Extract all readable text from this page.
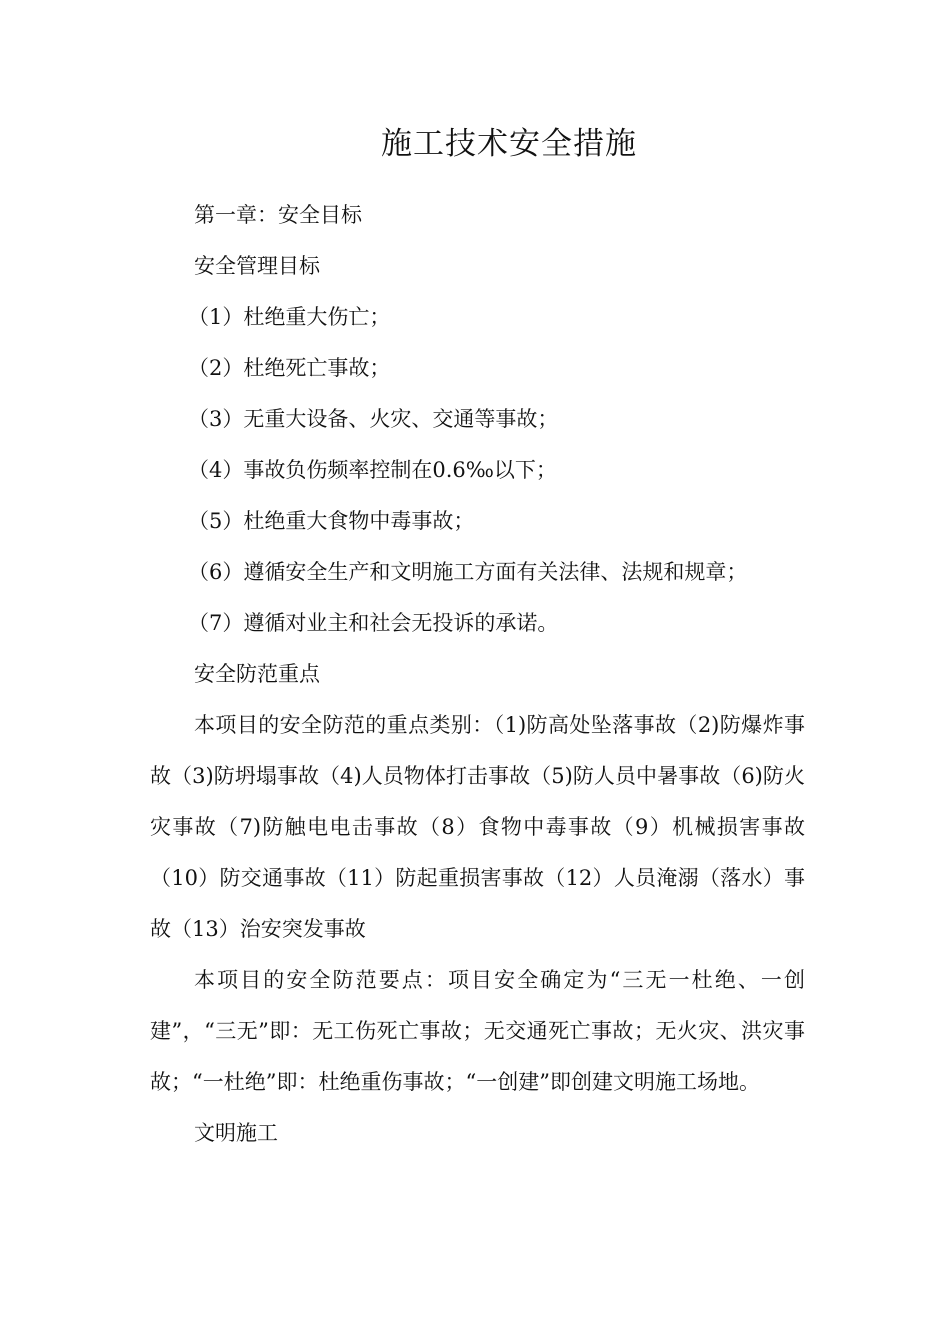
施工技术安全措施

第一章：安全目标

安全管理目标

（1）杜绝重大伤亡；

（2）杜绝死亡事故；

（3）无重大设备、火灾、交通等事故；

（4）事故负伤频率控制在0.6‰以下；

（5）杜绝重大食物中毒事故；

（6）遵循安全生产和文明施工方面有关法律、法规和规章；

（7）遵循对业主和社会无投诉的承诺。

安全防范重点

本项目的安全防范的重点类别：（1)防高处坠落事故（2)防爆炸事故（3)防坍塌事故（4)人员物体打击事故（5)防人员中暑事故（6)防火灾事故（7)防触电电击事故（8）食物中毒事故（9）机械损害事故（10）防交通事故（11）防起重损害事故（12）人员淹溺（落水）事故（13）治安突发事故

本项目的安全防范要点：项目安全确定为“三无一杜绝、一创建”，“三无”即：无工伤死亡事故；无交通死亡事故；无火灾、洪灾事故；“一杜绝”即：杜绝重伤事故；“一创建”即创建文明施工场地。

文明施工
